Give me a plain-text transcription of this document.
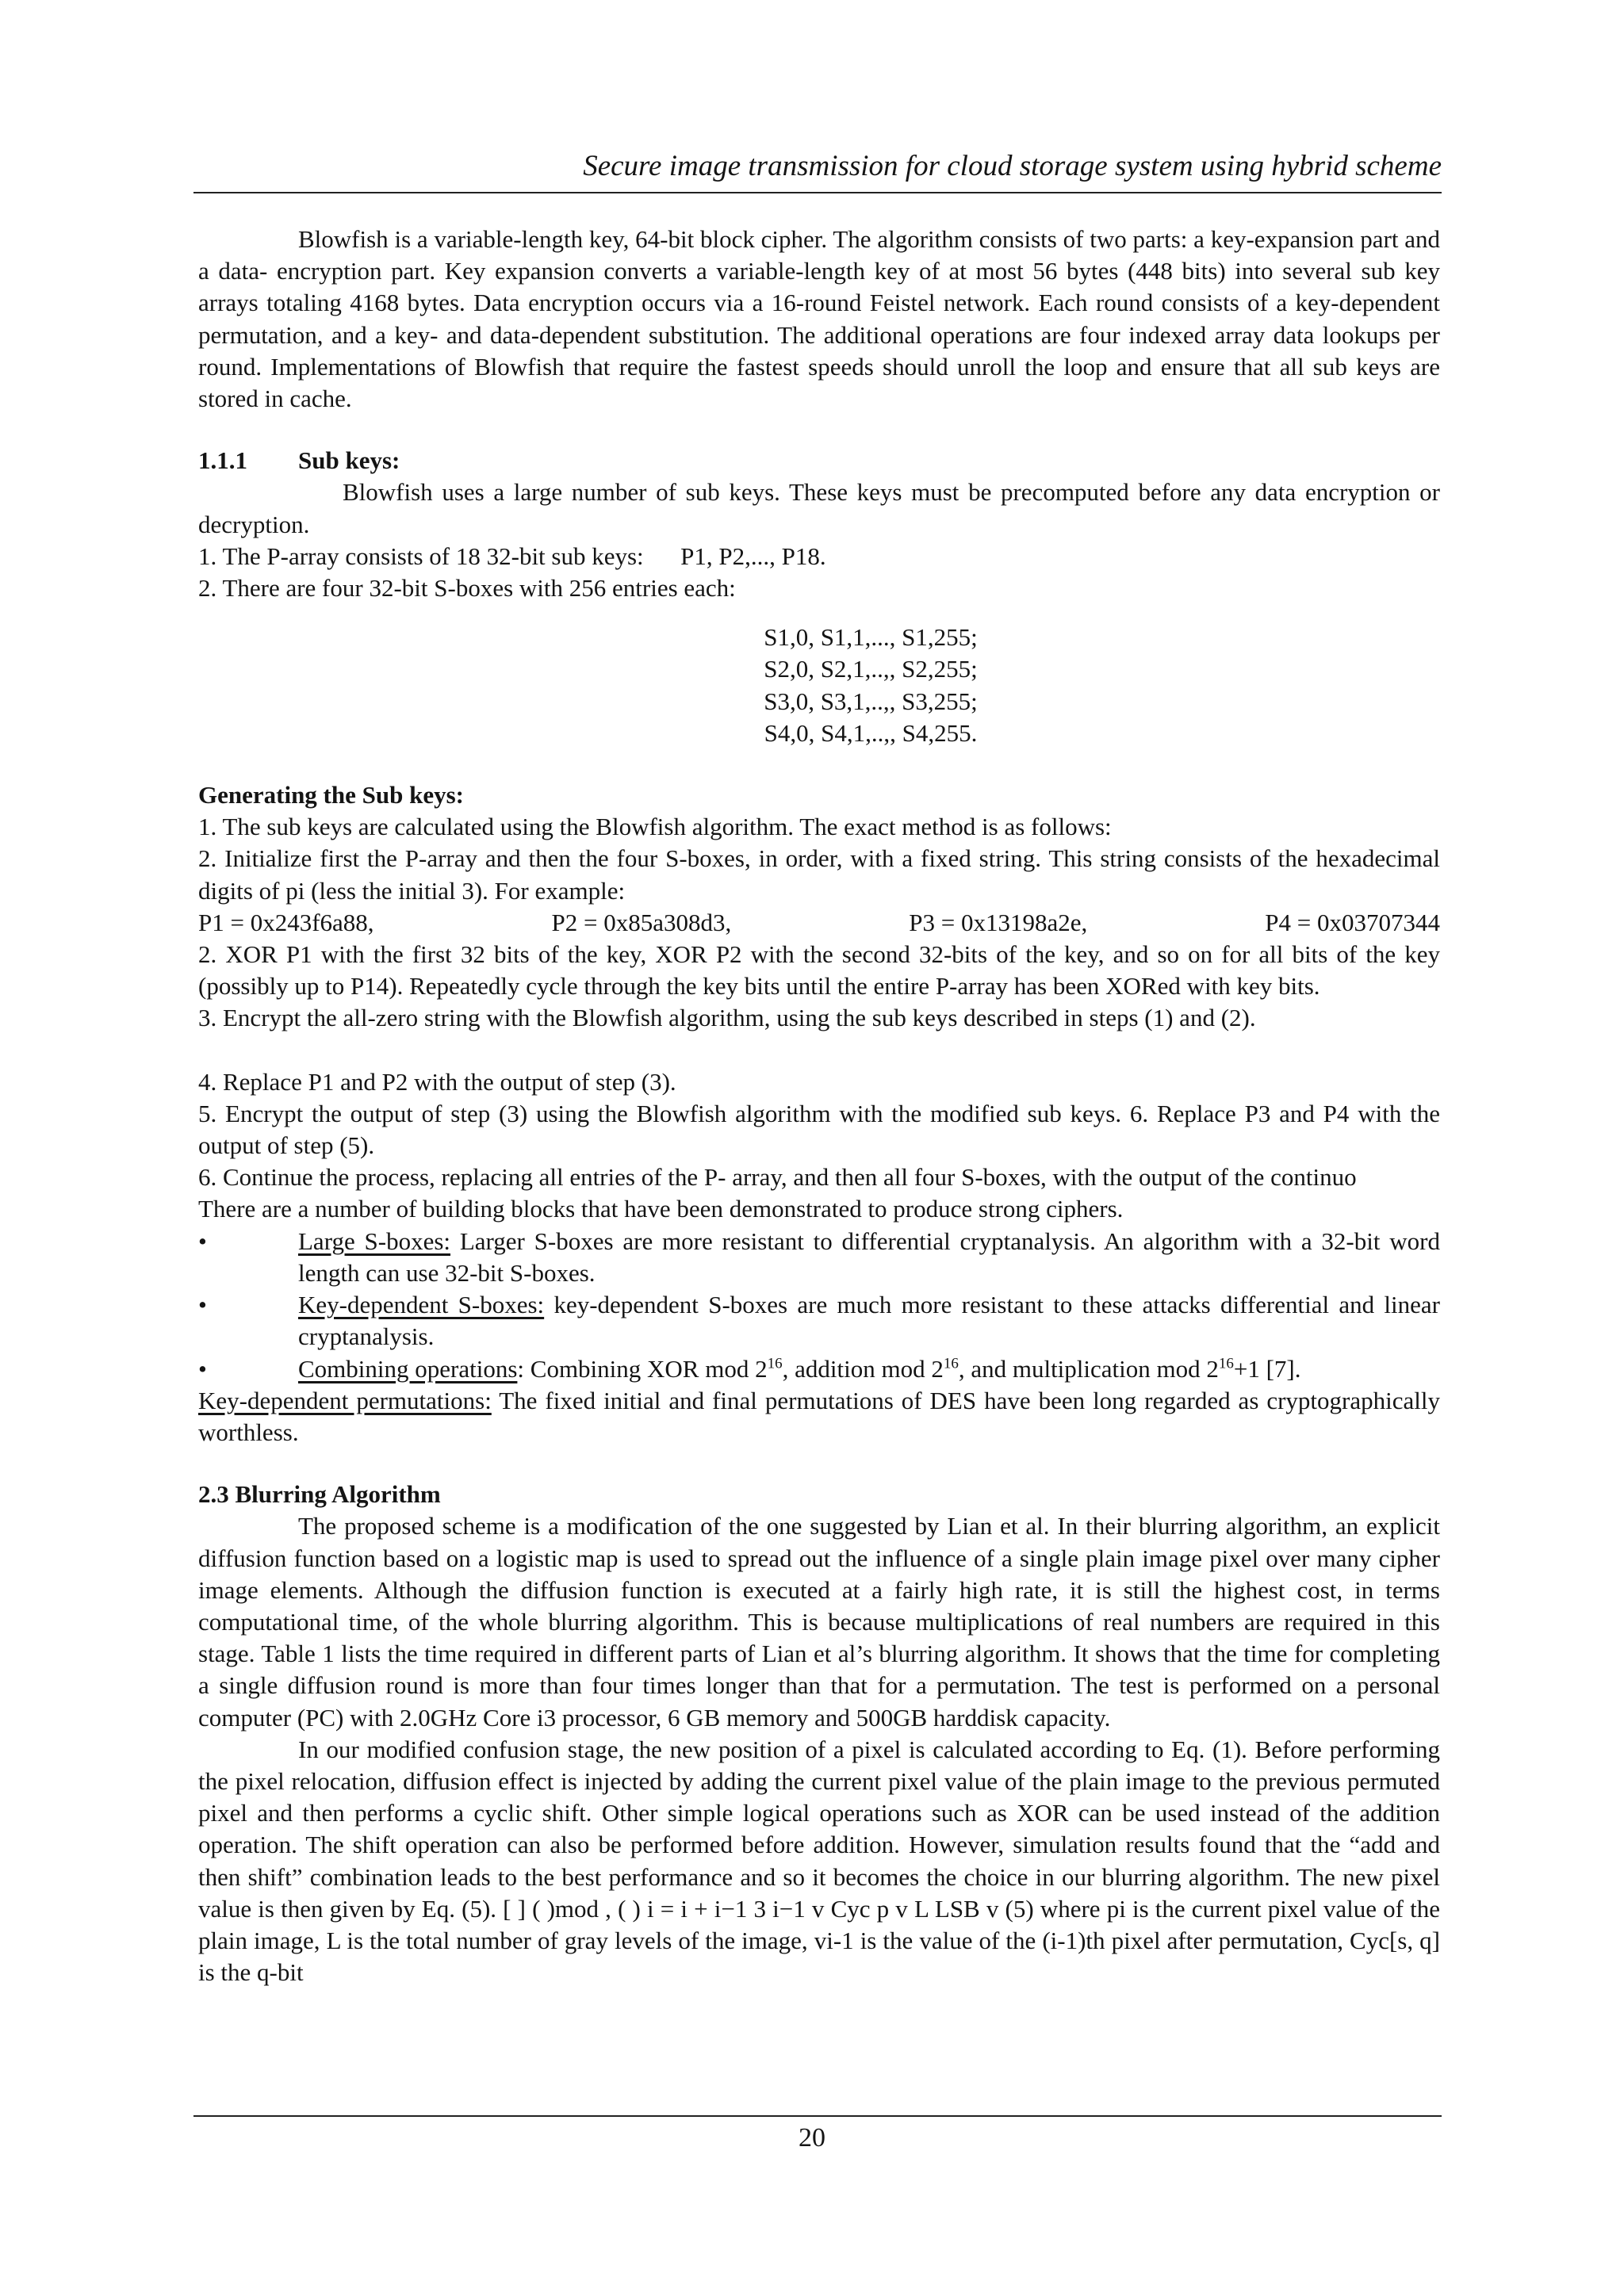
Secure image transmission for cloud storage system using hybrid scheme

Blowfish is a variable-length key, 64-bit block cipher. The algorithm consists of two parts: a key-expansion part and a data- encryption part. Key expansion converts a variable-length key of at most 56 bytes (448 bits) into several sub key arrays totaling 4168 bytes. Data encryption occurs via a 16-round Feistel network. Each round consists of a key-dependent permutation, and a key- and data-dependent substitution. The additional operations are four indexed array data lookups per round. Implementations of Blowfish that require the fastest speeds should unroll the loop and ensure that all sub keys are stored in cache.

1.1.1 Sub keys:

Blowfish uses a large number of sub keys. These keys must be precomputed before any data encryption or decryption.

1. The P-array consists of 18 32-bit sub keys:      P1, P2,..., P18.

2. There are four 32-bit S-boxes with 256 entries each:

S1,0, S1,1,..., S1,255;
S2,0, S2,1,..,, S2,255;
S3,0, S3,1,..,, S3,255;
S4,0, S4,1,..,, S4,255.

Generating the Sub keys:

1. The sub keys are calculated using the Blowfish algorithm. The exact method is as follows:

2. Initialize first the P-array and then the four S-boxes, in order, with a fixed string. This string consists of the hexadecimal digits of pi (less the initial 3). For example:

P1 = 0x243f6a88,	P2 = 0x85a308d3,	P3 = 0x13198a2e,	P4 = 0x03707344

2. XOR P1 with the first 32 bits of the key, XOR P2 with the second 32-bits of the key, and so on for all bits of the key (possibly up to P14). Repeatedly cycle through the key bits until the entire P-array has been XORed with key bits.

3. Encrypt the all-zero string with the Blowfish algorithm, using the sub keys described in steps (1) and (2).

4. Replace P1 and P2 with the output of step (3).

5. Encrypt the output of step (3) using the Blowfish algorithm with the modified sub keys. 6. Replace P3 and P4 with the output of step (5).

6. Continue the process, replacing all entries of the P- array, and then all four S-boxes, with the output of the continuo

There are a number of building blocks that have been demonstrated to produce strong ciphers.

•	Large S-boxes: Larger S-boxes are more resistant to differential cryptanalysis. An algorithm with a 32-bit word length can use 32-bit S-boxes.
•	Key-dependent S-boxes: key-dependent S-boxes are much more resistant to these attacks differential and linear cryptanalysis.
•	Combining operations: Combining XOR mod $2^{16}$, addition mod $2^{16}$, and multiplication mod $2^{16}+1$ [7].

Key-dependent permutations: The fixed initial and final permutations of DES have been long regarded as cryptographically worthless.

2.3 Blurring Algorithm

The proposed scheme is a modification of the one suggested by Lian et al. In their blurring algorithm, an explicit diffusion function based on a logistic map is used to spread out the influence of a single plain image pixel over many cipher image elements. Although the diffusion function is executed at a fairly high rate, it is still the highest cost, in terms computational time, of the whole blurring algorithm. This is because multiplications of real numbers are required in this stage. Table 1 lists the time required in different parts of Lian et al’s blurring algorithm. It shows that the time for completing a single diffusion round is more than four times longer than that for a permutation. The test is performed on a personal computer (PC) with 2.0GHz Core i3 processor, 6 GB memory and 500GB harddisk capacity.

In our modified confusion stage, the new position of a pixel is calculated according to Eq. (1). Before performing the pixel relocation, diffusion effect is injected by adding the current pixel value of the plain image to the previous permuted pixel and then performs a cyclic shift. Other simple logical operations such as XOR can be used instead of the addition operation. The shift operation can also be performed before addition. However, simulation results found that the “add and then shift” combination leads to the best performance and so it becomes the choice in our blurring algorithm. The new pixel value is then given by Eq. (5). [ ] ( )mod , ( ) i = i + i−1 3 i−1 v Cyc p v L LSB v (5) where pi is the current pixel value of the plain image, L is the total number of gray levels of the image, vi-1 is the value of the (i-1)th pixel after permutation, Cyc[s, q] is the q-bit

20
